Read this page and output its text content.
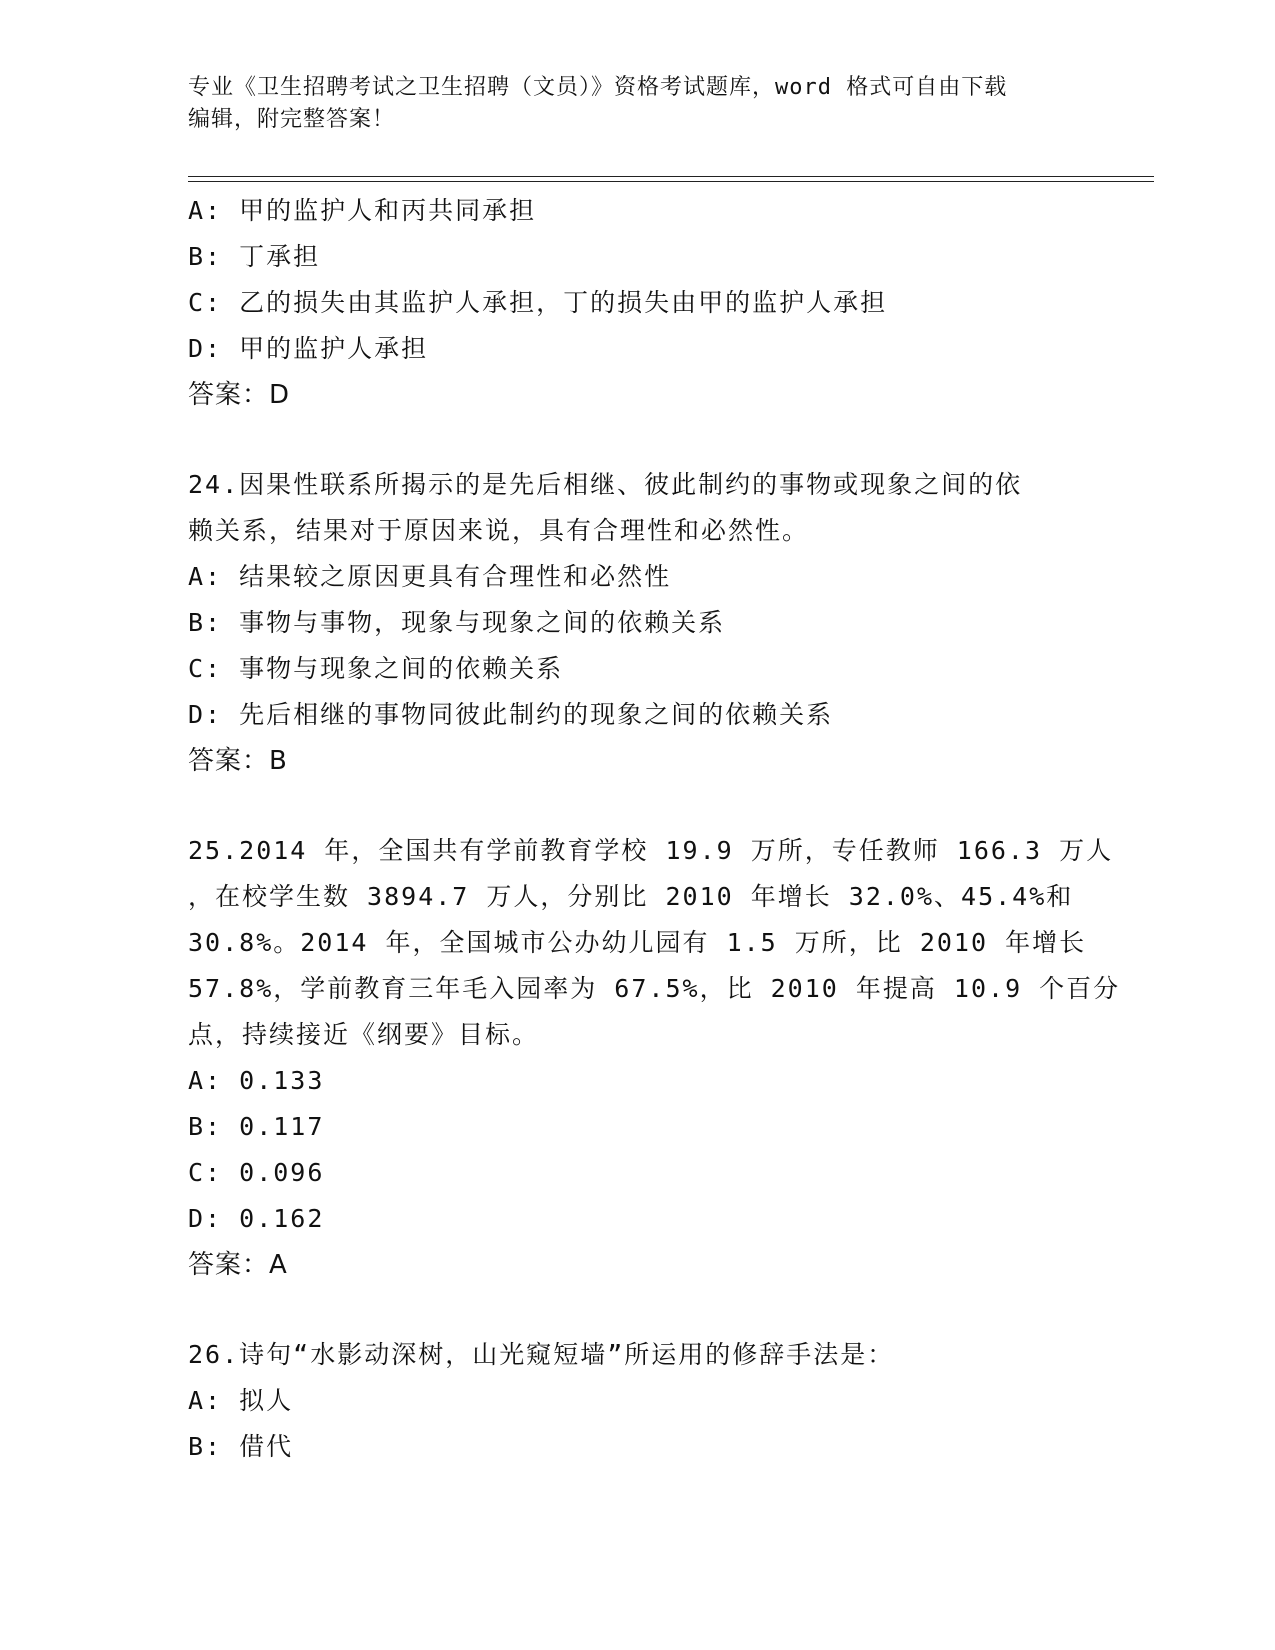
专业《卫生招聘考试之卫生招聘（文员）》资格考试题库，word 格式可自由下载
编辑，附完整答案！
A: 甲的监护人和丙共同承担
B: 丁承担
C: 乙的损失由其监护人承担，丁的损失由甲的监护人承担
D: 甲的监护人承担
答案：D
24.因果性联系所揭示的是先后相继、彼此制约的事物或现象之间的依
赖关系，结果对于原因来说，具有合理性和必然性。
A: 结果较之原因更具有合理性和必然性
B: 事物与事物，现象与现象之间的依赖关系
C: 事物与现象之间的依赖关系
D: 先后相继的事物同彼此制约的现象之间的依赖关系
答案：B
25.2014 年，全国共有学前教育学校 19.9 万所，专任教师 166.3 万人
，在校学生数 3894.7 万人，分别比 2010 年增长 32.0%、45.4%和
30.8%。2014 年，全国城市公办幼儿园有 1.5 万所，比 2010 年增长
57.8%，学前教育三年毛入园率为 67.5%，比 2010 年提高 10.9 个百分
点，持续接近《纲要》目标。
A: 0.133
B: 0.117
C: 0.096
D: 0.162
答案：A
26.诗句“水影动深树，山光窥短墙”所运用的修辞手法是：
A: 拟人
B: 借代
